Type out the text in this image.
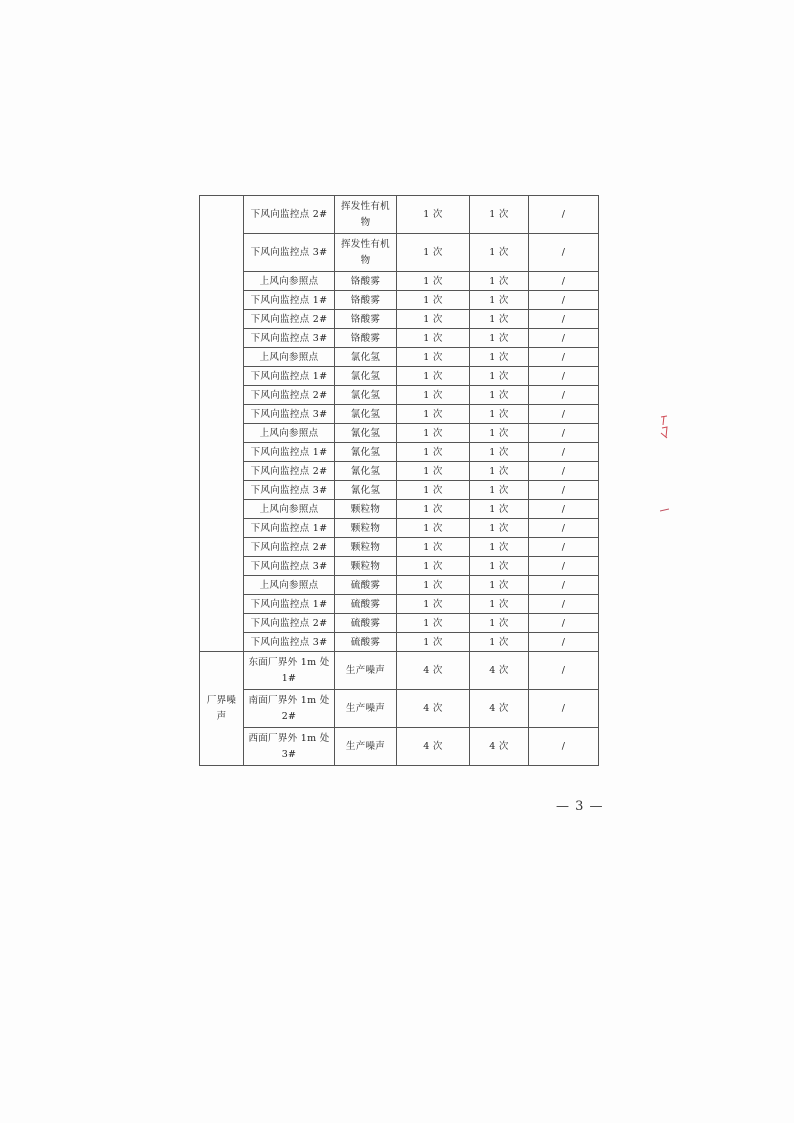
	下风向监控点 2#	挥发性有机物	1 次	1 次	/
	下风向监控点 3#	挥发性有机物	1 次	1 次	/
	上风向参照点	铬酸雾	1 次	1 次	/
	下风向监控点 1#	铬酸雾	1 次	1 次	/
	下风向监控点 2#	铬酸雾	1 次	1 次	/
	下风向监控点 3#	铬酸雾	1 次	1 次	/
	上风向参照点	氯化氢	1 次	1 次	/
	下风向监控点 1#	氯化氢	1 次	1 次	/
	下风向监控点 2#	氯化氢	1 次	1 次	/
	下风向监控点 3#	氯化氢	1 次	1 次	/
	上风向参照点	氰化氢	1 次	1 次	/
	下风向监控点 1#	氰化氢	1 次	1 次	/
	下风向监控点 2#	氰化氢	1 次	1 次	/
	下风向监控点 3#	氰化氢	1 次	1 次	/
	上风向参照点	颗粒物	1 次	1 次	/
	下风向监控点 1#	颗粒物	1 次	1 次	/
	下风向监控点 2#	颗粒物	1 次	1 次	/
	下风向监控点 3#	颗粒物	1 次	1 次	/
	上风向参照点	硫酸雾	1 次	1 次	/
	下风向监控点 1#	硫酸雾	1 次	1 次	/
	下风向监控点 2#	硫酸雾	1 次	1 次	/
	下风向监控点 3#	硫酸雾	1 次	1 次	/
厂界噪声	东面厂界外 1m 处 1#	生产噪声	4 次	4 次	/
	南面厂界外 1m 处 2#	生产噪声	4 次	4 次	/
	西面厂界外 1m 处 3#	生产噪声	4 次	4 次	/
— 3 —
